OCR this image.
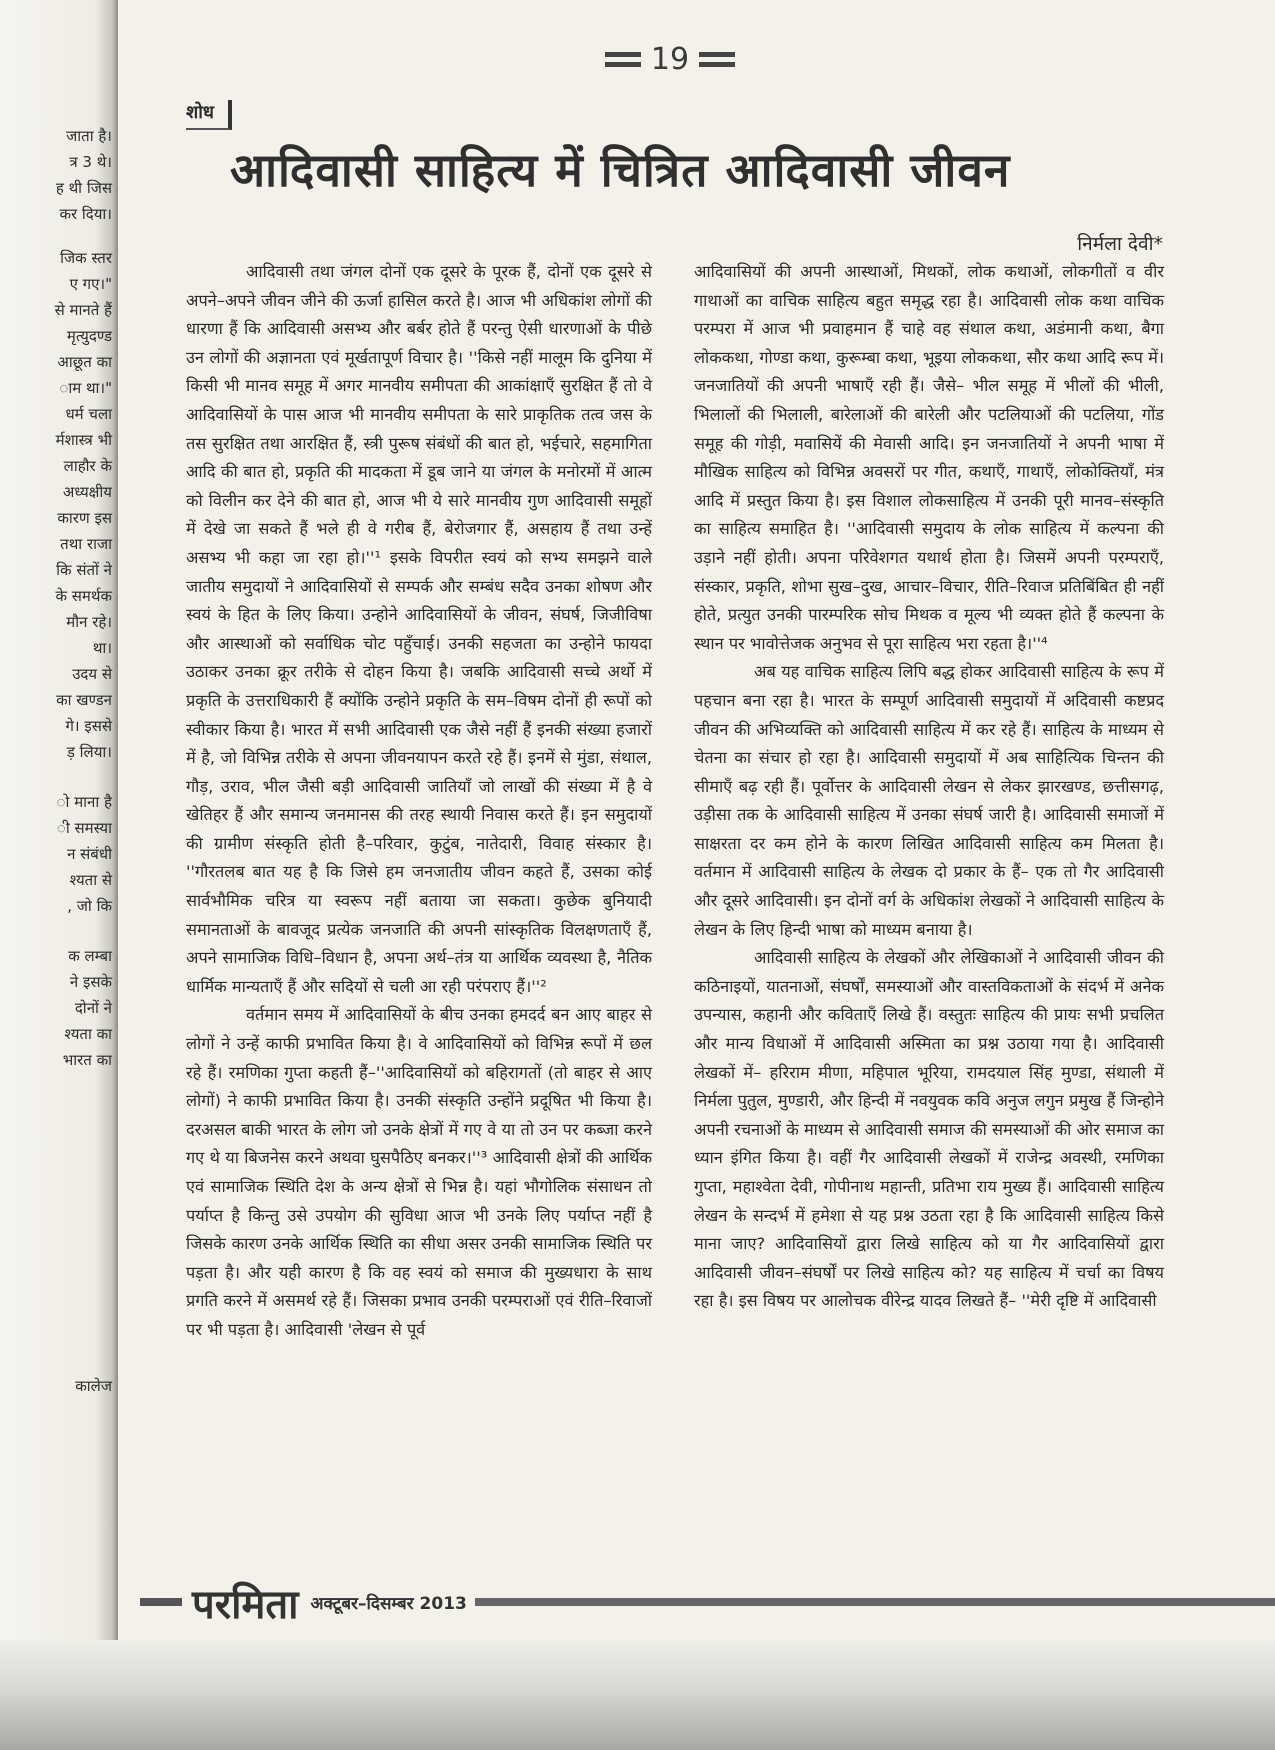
जाता है।
त्र 3 थे।
ह थी जिस
कर दिया।
जिक स्तर
ए गए।"
से मानते हैं
मृत्युदण्ड
आछूत का
ाम था।"
धर्म चला
र्मशास्त्र भी
लाहौर के
अध्यक्षीय
कारण इस
तथा राजा
कि संतों ने
के समर्थक
मौन रहे।
था।
उदय से
का खण्डन
गे। इससे
ड़ लिया।
ो माना है
ी समस्या
न संबंधी
श्यता से
, जो कि
क लम्बा
ने इसके
दोनों ने
श्यता का
भारत का
कालेज
19
शोध
आदिवासी साहित्य में चित्रित आदिवासी जीवन
निर्मला देवी*

आदिवासी तथा जंगल दोनों एक दूसरे के पूरक हैं, दोनों एक दूसरे से अपने–अपने जीवन जीने की ऊर्जा हासिल करते है। आज भी अधिकांश लोगों की धारणा हैं कि आदिवासी असभ्य और बर्बर होते हैं परन्तु ऐसी धारणाओं के पीछे उन लोगों की अज्ञानता एवं मूर्खतापूर्ण विचार है। ''किसे नहीं मालूम कि दुनिया में किसी भी मानव समूह में अगर मानवीय समीपता की आकांक्षाएँ सुरक्षित हैं तो वे आदिवासियों के पास आज भी मानवीय समीपता के सारे प्राकृतिक तत्व जस के तस सुरक्षित तथा आरक्षित हैं, स्त्री पुरूष संबंधों की बात हो, भईचारे, सहमागिता आदि की बात हो, प्रकृति की मादकता में डूब जाने या जंगल के मनोरमों में आत्म को विलीन कर देने की बात हो, आज भी ये सारे मानवीय गुण आदिवासी समूहों में देखे जा सकते हैं भले ही वे गरीब हैं, बेरोजगार हैं, असहाय हैं तथा उन्हें असभ्य भी कहा जा रहा हो।''¹ इसके विपरीत स्वयं को सभ्य समझने वाले जातीय समुदायों ने आदिवासियों से सम्पर्क और सम्बंध सदैव उनका शोषण और स्वयं के हित के लिए किया। उन्होने आदिवासियों के जीवन, संघर्ष, जिजीविषा और आस्थाओं को सर्वाधिक चोट पहुँचाई। उनकी सहजता का उन्होने फायदा उठाकर उनका क्रूर तरीके से दोहन किया है। जबकि आदिवासी सच्चे अर्थो में प्रकृति के उत्तराधिकारी हैं क्योंकि उन्होने प्रकृति के सम–विषम दोनों ही रूपों को स्वीकार किया है। भारत में सभी आदिवासी एक जैसे नहीं हैं इनकी संख्या हजारों में है, जो विभिन्न तरीके से अपना जीवनयापन करते रहे हैं। इनमें से मुंडा, संथाल, गौड़, उराव, भील जैसी बड़ी आदिवासी जातियाँ जो लाखों की संख्या में है वे खेतिहर हैं और समान्य जनमानस की तरह स्थायी निवास करते हैं। इन समुदायों की ग्रामीण संस्कृति होती है–परिवार, कुटुंब, नातेदारी, विवाह संस्कार है। ''गौरतलब बात यह है कि जिसे हम जनजातीय जीवन कहते हैं, उसका कोई सार्वभौमिक चरित्र या स्वरूप नहीं बताया जा सकता। कुछेक बुनियादी समानताओं के बावजूद प्रत्येक जनजाति की अपनी सांस्कृतिक विलक्षणताएँ हैं, अपने सामाजिक विधि–विधान है, अपना अर्थ–तंत्र या आर्थिक व्यवस्था है, नैतिक धार्मिक मान्यताएँ हैं और सदियों से चली आ रही परंपराए हैं।''²

वर्तमान समय में आदिवासियों के बीच उनका हमदर्द बन आए बाहर से लोगों ने उन्हें काफी प्रभावित किया है। वे आदिवासियों को विभिन्न रूपों में छल रहे हैं। रमणिका गुप्ता कहती हैं–''आदिवासियों को बहिरागतों (तो बाहर से आए लोगों) ने काफी प्रभावित किया है। उनकी संस्कृति उन्होंने प्रदूषित भी किया है। दरअसल बाकी भारत के लोग जो उनके क्षेत्रों में गए वे या तो उन पर कब्जा करने गए थे या बिजनेस करने अथवा घुसपैठिए बनकर।''³ आदिवासी क्षेत्रों की आर्थिक एवं सामाजिक स्थिति देश के अन्य क्षेत्रों से भिन्न है। यहां भौगोलिक संसाधन तो पर्याप्त है किन्तु उसे उपयोग की सुविधा आज भी उनके लिए पर्याप्त नहीं है जिसके कारण उनके आर्थिक स्थिति का सीधा असर उनकी सामाजिक स्थिति पर पड़ता है। और यही कारण है कि वह स्वयं को समाज की मुख्यधारा के साथ प्रगति करने में असमर्थ रहे हैं। जिसका प्रभाव उनकी परम्पराओं एवं रीति–रिवाजों पर भी पड़ता है। आदिवासी 'लेखन से पूर्व

आदिवासियों की अपनी आस्थाओं, मिथकों, लोक कथाओं, लोकगीतों व वीर गाथाओं का वाचिक साहित्य बहुत समृद्ध रहा है। आदिवासी लोक कथा वाचिक परम्परा में आज भी प्रवाहमान हैं चाहे वह संथाल कथा, अडंमानी कथा, बैगा लोककथा, गोण्डा कथा, कुरूम्बा कथा, भूइया लोककथा, सौर कथा आदि रूप में। जनजातियों की अपनी भाषाएँ रही हैं। जैसे– भील समूह में भीलों की भीली, भिलालों की भिलाली, बारेलाओं की बारेली और पटलियाओं की पटलिया, गोंड समूह की गोड़ी, मवासियें की मेवासी आदि। इन जनजातियों ने अपनी भाषा में मौखिक साहित्य को विभिन्न अवसरों पर गीत, कथाएँ, गाथाएँ, लोकोक्तियाँ, मंत्र आदि में प्रस्तुत किया है। इस विशाल लोकसाहित्य में उनकी पूरी मानव–संस्कृति का साहित्य समाहित है। ''आदिवासी समुदाय के लोक साहित्य में कल्पना की उड़ाने नहीं होती। अपना परिवेशगत यथार्थ होता है। जिसमें अपनी परम्पराएँ, संस्कार, प्रकृति, शोभा सुख–दुख, आचार–विचार, रीति–रिवाज प्रतिबिंबित ही नहीं होते, प्रत्युत उनकी पारम्परिक सोच मिथक व मूल्य भी व्यक्त होते हैं कल्पना के स्थान पर भावोत्तेजक अनुभव से पूरा साहित्य भरा रहता है।''⁴

अब यह वाचिक साहित्य लिपि बद्ध होकर आदिवासी साहित्य के रूप में पहचान बना रहा है। भारत के सम्पूर्ण आदिवासी समुदायों में अदिवासी कष्टप्रद जीवन की अभिव्यक्ति को आदिवासी साहित्य में कर रहे हैं। साहित्य के माध्यम से चेतना का संचार हो रहा है। आदिवासी समुदायों में अब साहित्यिक चिन्तन की सीमाएँ बढ़ रही हैं। पूर्वोत्तर के आदिवासी लेखन से लेकर झारखण्ड, छत्तीसगढ़, उड़ीसा तक के आदिवासी साहित्य में उनका संघर्ष जारी है। आदिवासी समाजों में साक्षरता दर कम होने के कारण लिखित आदिवासी साहित्य कम मिलता है। वर्तमान में आदिवासी साहित्य के लेखक दो प्रकार के हैं– एक तो गैर आदिवासी और दूसरे आदिवासी। इन दोनों वर्ग के अधिकांश लेखकों ने आदिवासी साहित्य के लेखन के लिए हिन्दी भाषा को माध्यम बनाया है।

आदिवासी साहित्य के लेखकों और लेखिकाओं ने आदिवासी जीवन की कठिनाइयों, यातनाओं, संघर्षों, समस्याओं और वास्तविकताओं के संदर्भ में अनेक उपन्यास, कहानी और कविताएँ लिखे हैं। वस्तुतः साहित्य की प्रायः सभी प्रचलित और मान्य विधाओं में आदिवासी अस्मिता का प्रश्न उठाया गया है। आदिवासी लेखकों में– हरिराम मीणा, महिपाल भूरिया, रामदयाल सिंह मुण्डा, संथाली में निर्मला पुतुल, मुण्डारी, और हिन्दी में नवयुवक कवि अनुज लगुन प्रमुख हैं जिन्होने अपनी रचनाओं के माध्यम से आदिवासी समाज की समस्याओं की ओर समाज का ध्यान इंगित किया है। वहीं गैर आदिवासी लेखकों में राजेन्द्र अवस्थी, रमणिका गुप्ता, महाश्वेता देवी, गोपीनाथ महान्ती, प्रतिभा राय मुख्य हैं। आदिवासी साहित्य लेखन के सन्दर्भ में हमेशा से यह प्रश्न उठता रहा है कि आदिवासी साहित्य किसे माना जाए? आदिवासियों द्वारा लिखे साहित्य को या गैर आदिवासियों द्वारा आदिवासी जीवन–संघर्षों पर लिखे साहित्य को? यह साहित्य में चर्चा का विषय रहा है। इस विषय पर आलोचक वीरेन्द्र यादव लिखते हैं– ''मेरी दृष्टि में आदिवासी

परमिता अक्टूबर–दिसम्बर 2013
